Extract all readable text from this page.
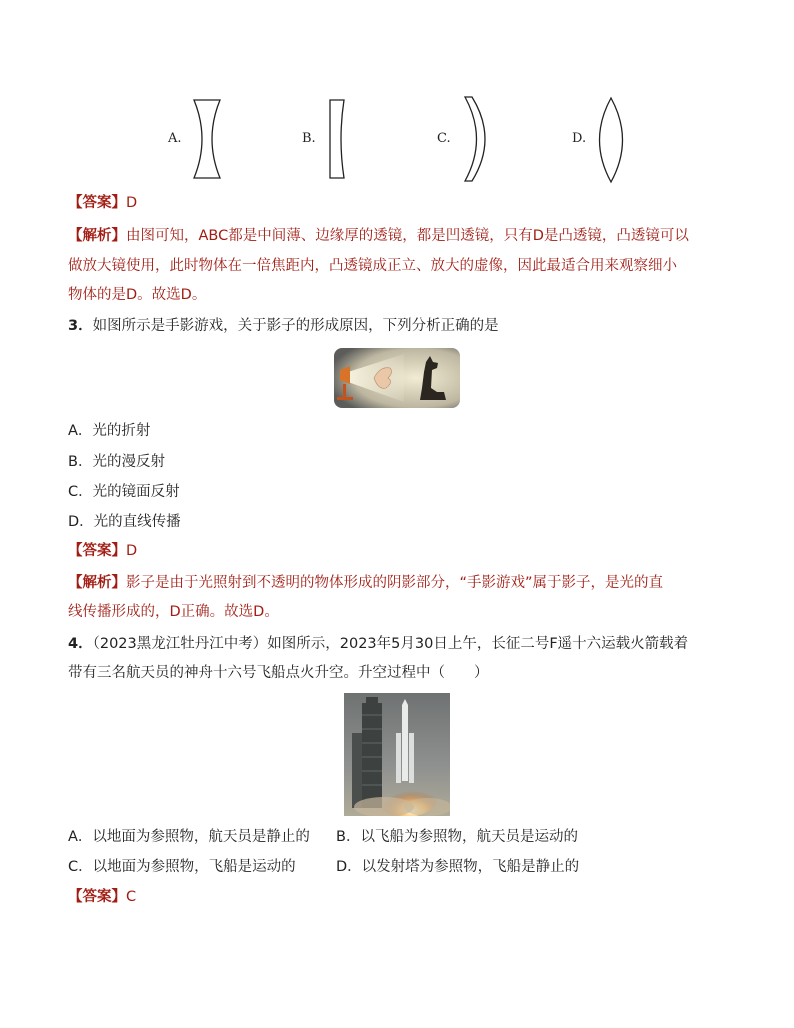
A.	B.	C.	D.
【答案】D
【解析】由图可知，ABC都是中间薄、边缘厚的透镜，都是凹透镜，只有D是凸透镜，凸透镜可以
做放大镜使用，此时物体在一倍焦距内，凸透镜成正立、放大的虚像，因此最适合用来观察细小
物体的是D。故选D。
3．如图所示是手影游戏，关于影子的形成原因，下列分析正确的是
A．光的折射
B．光的漫反射
C．光的镜面反射
D．光的直线传播
【答案】D
【解析】影子是由于光照射到不透明的物体形成的阴影部分，“手影游戏”属于影子，是光的直
线传播形成的，D正确。故选D。
4．（2023黑龙江牡丹江中考）如图所示，2023年5月30日上午，长征二号F遥十六运载火箭载着
带有三名航天员的神舟十六号飞船点火升空。升空过程中（　　）
A．以地面为参照物，航天员是静止的 B．以飞船为参照物，航天员是运动的
C．以地面为参照物，飞船是运动的	D．以发射塔为参照物，飞船是静止的
【答案】C
